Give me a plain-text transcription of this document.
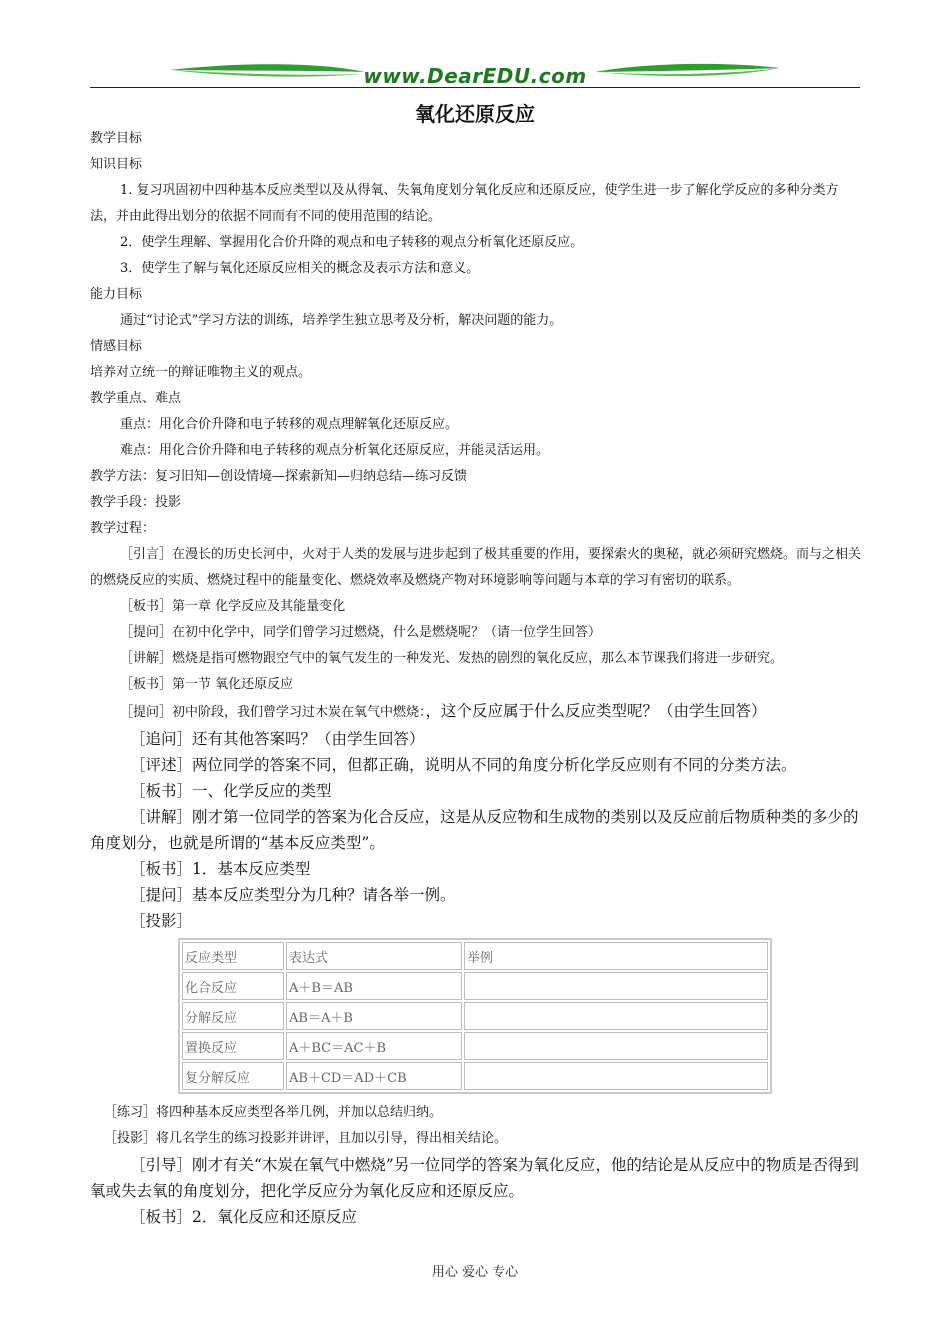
www.DearEDU.com
氧化还原反应

教学目标

知识目标

1. 复习巩固初中四种基本反应类型以及从得氧、失氧角度划分氧化反应和还原反应，使学生进一步了解化学反应的多种分类方法，并由此得出划分的依据不同而有不同的使用范围的结论。

2．使学生理解、掌握用化合价升降的观点和电子转移的观点分析氧化还原反应。

3．使学生了解与氧化还原反应相关的概念及表示方法和意义。

能力目标

通过“讨论式”学习方法的训练，培养学生独立思考及分析，解决问题的能力。

情感目标

培养对立统一的辩证唯物主义的观点。

教学重点、难点

重点：用化合价升降和电子转移的观点理解氧化还原反应。

难点：用化合价升降和电子转移的观点分析氧化还原反应，并能灵活运用。

教学方法：复习旧知—创设情境—探索新知—归纳总结—练习反馈

教学手段：投影

教学过程：

［引言］在漫长的历史长河中，火对于人类的发展与进步起到了极其重要的作用，要探索火的奥秘，就必须研究燃烧。而与之相关的燃烧反应的实质、燃烧过程中的能量变化、燃烧效率及燃烧产物对环境影响等问题与本章的学习有密切的联系。

［板书］第一章 化学反应及其能量变化

［提问］在初中化学中，同学们曾学习过燃烧，什么是燃烧呢？（请一位学生回答）

［讲解］燃烧是指可燃物跟空气中的氧气发生的一种发光、发热的剧烈的氧化反应，那么本节课我们将进一步研究。

［板书］第一节 氧化还原反应

［提问］初中阶段，我们曾学习过木炭在氧气中燃烧：，这个反应属于什么反应类型呢？（由学生回答）

［追问］还有其他答案吗？（由学生回答）

［评述］两位同学的答案不同，但都正确，说明从不同的角度分析化学反应则有不同的分类方法。

［板书］一、化学反应的类型

［讲解］刚才第一位同学的答案为化合反应，这是从反应物和生成物的类别以及反应前后物质种类的多少的角度划分，也就是所谓的“基本反应类型”。

［板书］1．基本反应类型

［提问］基本反应类型分为几种？请各举一例。

［投影］

反应类型	表达式	举例
化合反应	A＋B＝AB	
分解反应	AB＝A＋B	
置换反应	A＋BC＝AC＋B	
复分解反应	AB＋CD＝AD＋CB	

［练习］将四种基本反应类型各举几例，并加以总结归纳。

［投影］将几名学生的练习投影并讲评，且加以引导，得出相关结论。

［引导］刚才有关“木炭在氧气中燃烧”另一位同学的答案为氧化反应，他的结论是从反应中的物质是否得到氧或失去氧的角度划分，把化学反应分为氧化反应和还原反应。

［板书］2．氧化反应和还原反应

用心 爱心 专心
